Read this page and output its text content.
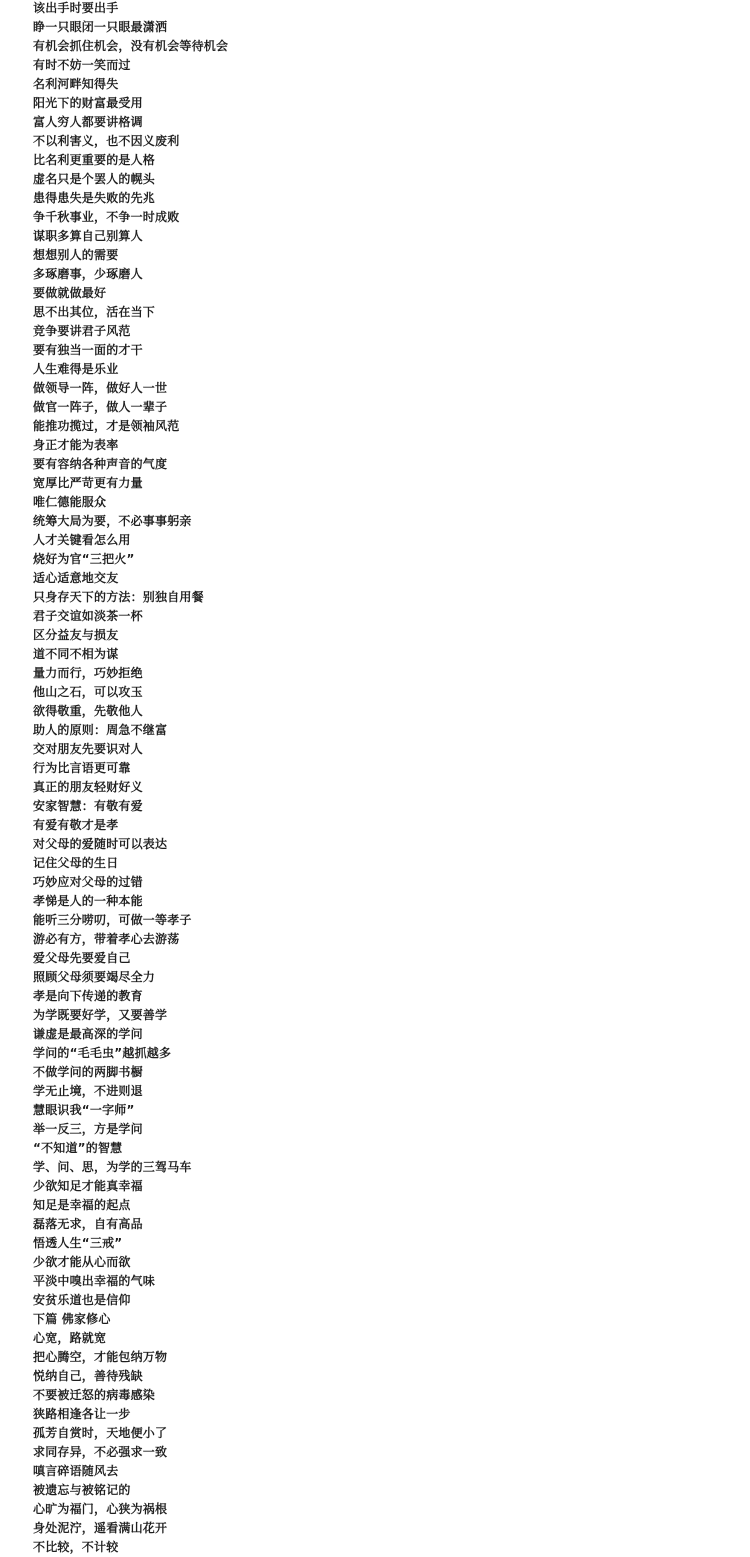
该出手时要出手
睁一只眼闭一只眼最潇洒
有机会抓住机会，没有机会等待机会
有时不妨一笑而过
名利河畔知得失
阳光下的财富最受用
富人穷人都要讲格调
不以利害义，也不因义废利
比名利更重要的是人格
虚名只是个罢人的幌头
患得患失是失败的先兆
争千秋事业，不争一时成败
谋职多算自己别算人
想想别人的需要
多琢磨事，少琢磨人
要做就做最好
思不出其位，活在当下
竞争要讲君子风范
要有独当一面的才干
人生难得是乐业
做领导一阵，做好人一世
做官一阵子，做人一辈子
能推功揽过，才是领袖风范
身正才能为表率
要有容纳各种声音的气度
宽厚比严苛更有力量
唯仁德能服众
统筹大局为要，不必事事躬亲
人才关键看怎么用
烧好为官“三把火”
适心适意地交友
只身存天下的方法：别独自用餐
君子交谊如淡茶一杯
区分益友与损友
道不同不相为谋
量力而行，巧妙拒绝
他山之石，可以攻玉
欲得敬重，先敬他人
助人的原则：周急不继富
交对朋友先要识对人
行为比言语更可靠
真正的朋友轻财好义
安家智慧：有敬有爱
有爱有敬才是孝
对父母的爱随时可以表达
记住父母的生日
巧妙应对父母的过错
孝悌是人的一种本能
能听三分唠叨，可做一等孝子
游必有方，带着孝心去游荡
爱父母先要爱自己
照顾父母须要竭尽全力
孝是向下传递的教育
为学既要好学，又要善学
谦虚是最高深的学问
学问的“毛毛虫”越抓越多
不做学问的两脚书橱
学无止境，不进则退
慧眼识我“一字师”
举一反三，方是学问
“不知道”的智慧
学、问、思，为学的三驾马车
少欲知足才能真幸福
知足是幸福的起点
磊落无求，自有高品
悟透人生“三戒”
少欲才能从心而欲
平淡中嗅出幸福的气味
安贫乐道也是信仰
下篇 佛家修心
心宽，路就宽
把心腾空，才能包纳万物
悦纳自己，善待残缺
不要被迁怒的病毒感染
狭路相逢各让一步
孤芳自赏时，天地便小了
求同存异，不必强求一致
嗔言碎语随风去
被遗忘与被铭记的
心旷为福门，心狭为祸根
身处泥泞，遥看满山花开
不比较，不计较
